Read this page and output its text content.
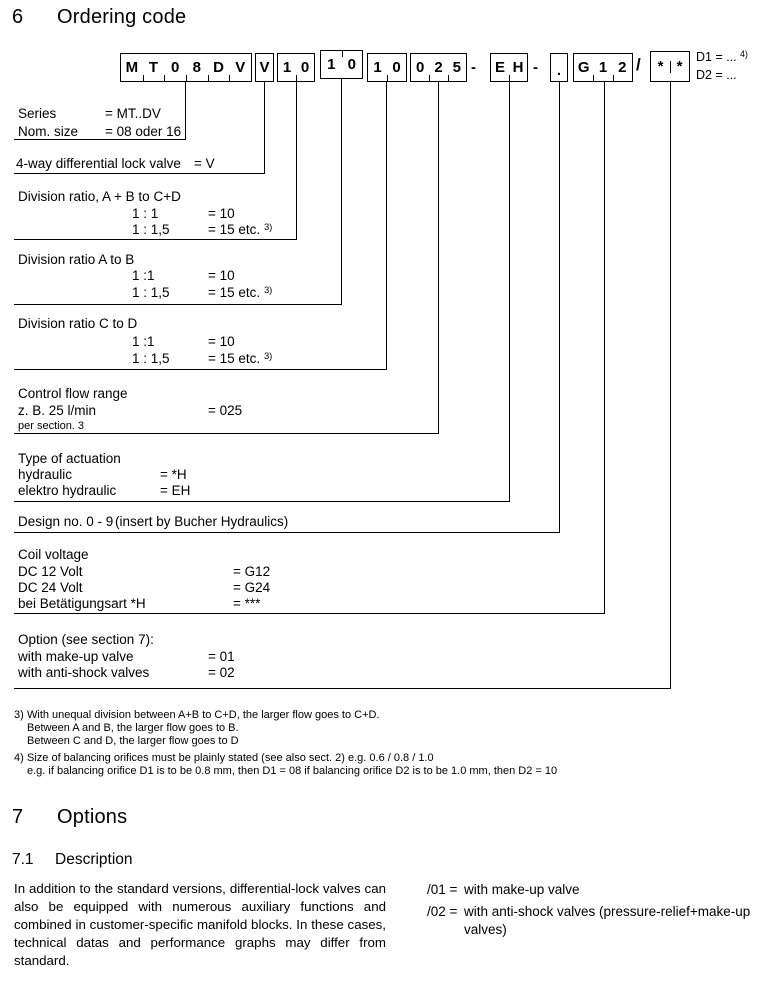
6 Ordering code
M T 0 8 D V V 1 0	1 0	1 0	0 2 5	E H	.	G 1 2	* *
-	-	/
Series	= MT..DV
Nom. size = 08 oder 16
4-way differential lock valve = V
Division ratio, A + B to C+D
1 : 1	= 10
1 : 1,5	= 15 etc. $^{3)}$
Division ratio A to B
1 :1	= 10
1 : 1,5	= 15 etc. $^{3)}$
Division ratio C to D
1 :1	= 10
1 : 1,5	= 15 etc. $^{3)}$
Control flow range
z. B. 25 l/min	= 025
per section. 3
Type of actuation
hydraulic	= *H
elektro hydraulic	= EH
Design no. 0 - 9 (insert by Bucher Hydraulics)
Coil voltage
DC 12 Volt	= G12
DC 24 Volt	= G24
bei Betätigungsart *H	= ***
Option (see section 7):
with make-up valve	= 01
with anti-shock valves	= 02
3) With unequal division between A+B to C+D, the larger flow goes to C+D.
Between A and B, the larger flow goes to B.
Between C and D, the larger flow goes to D
4) Size of balancing orifices must be plainly stated (see also sect. 2) e.g. 0.6 / 0.8 / 1.0
e.g. if balancing orifice D1 is to be 0.8 mm, then D1 = 08 if balancing orifice D2 is to be 1.0 mm, then D2 = 10
D1 = ... $^{4)}$
D2 = ...
7 Options
7.1 Description
In addition to the standard versions, differential-lock valves can also be equipped with numerous auxiliary functions and combined in customer-specific manifold blocks. In these cases, technical datas and performance graphs may differ from standard.
/01 = with make-up valve
/02 = with anti-shock valves (pressure-relief+make-up valves)
